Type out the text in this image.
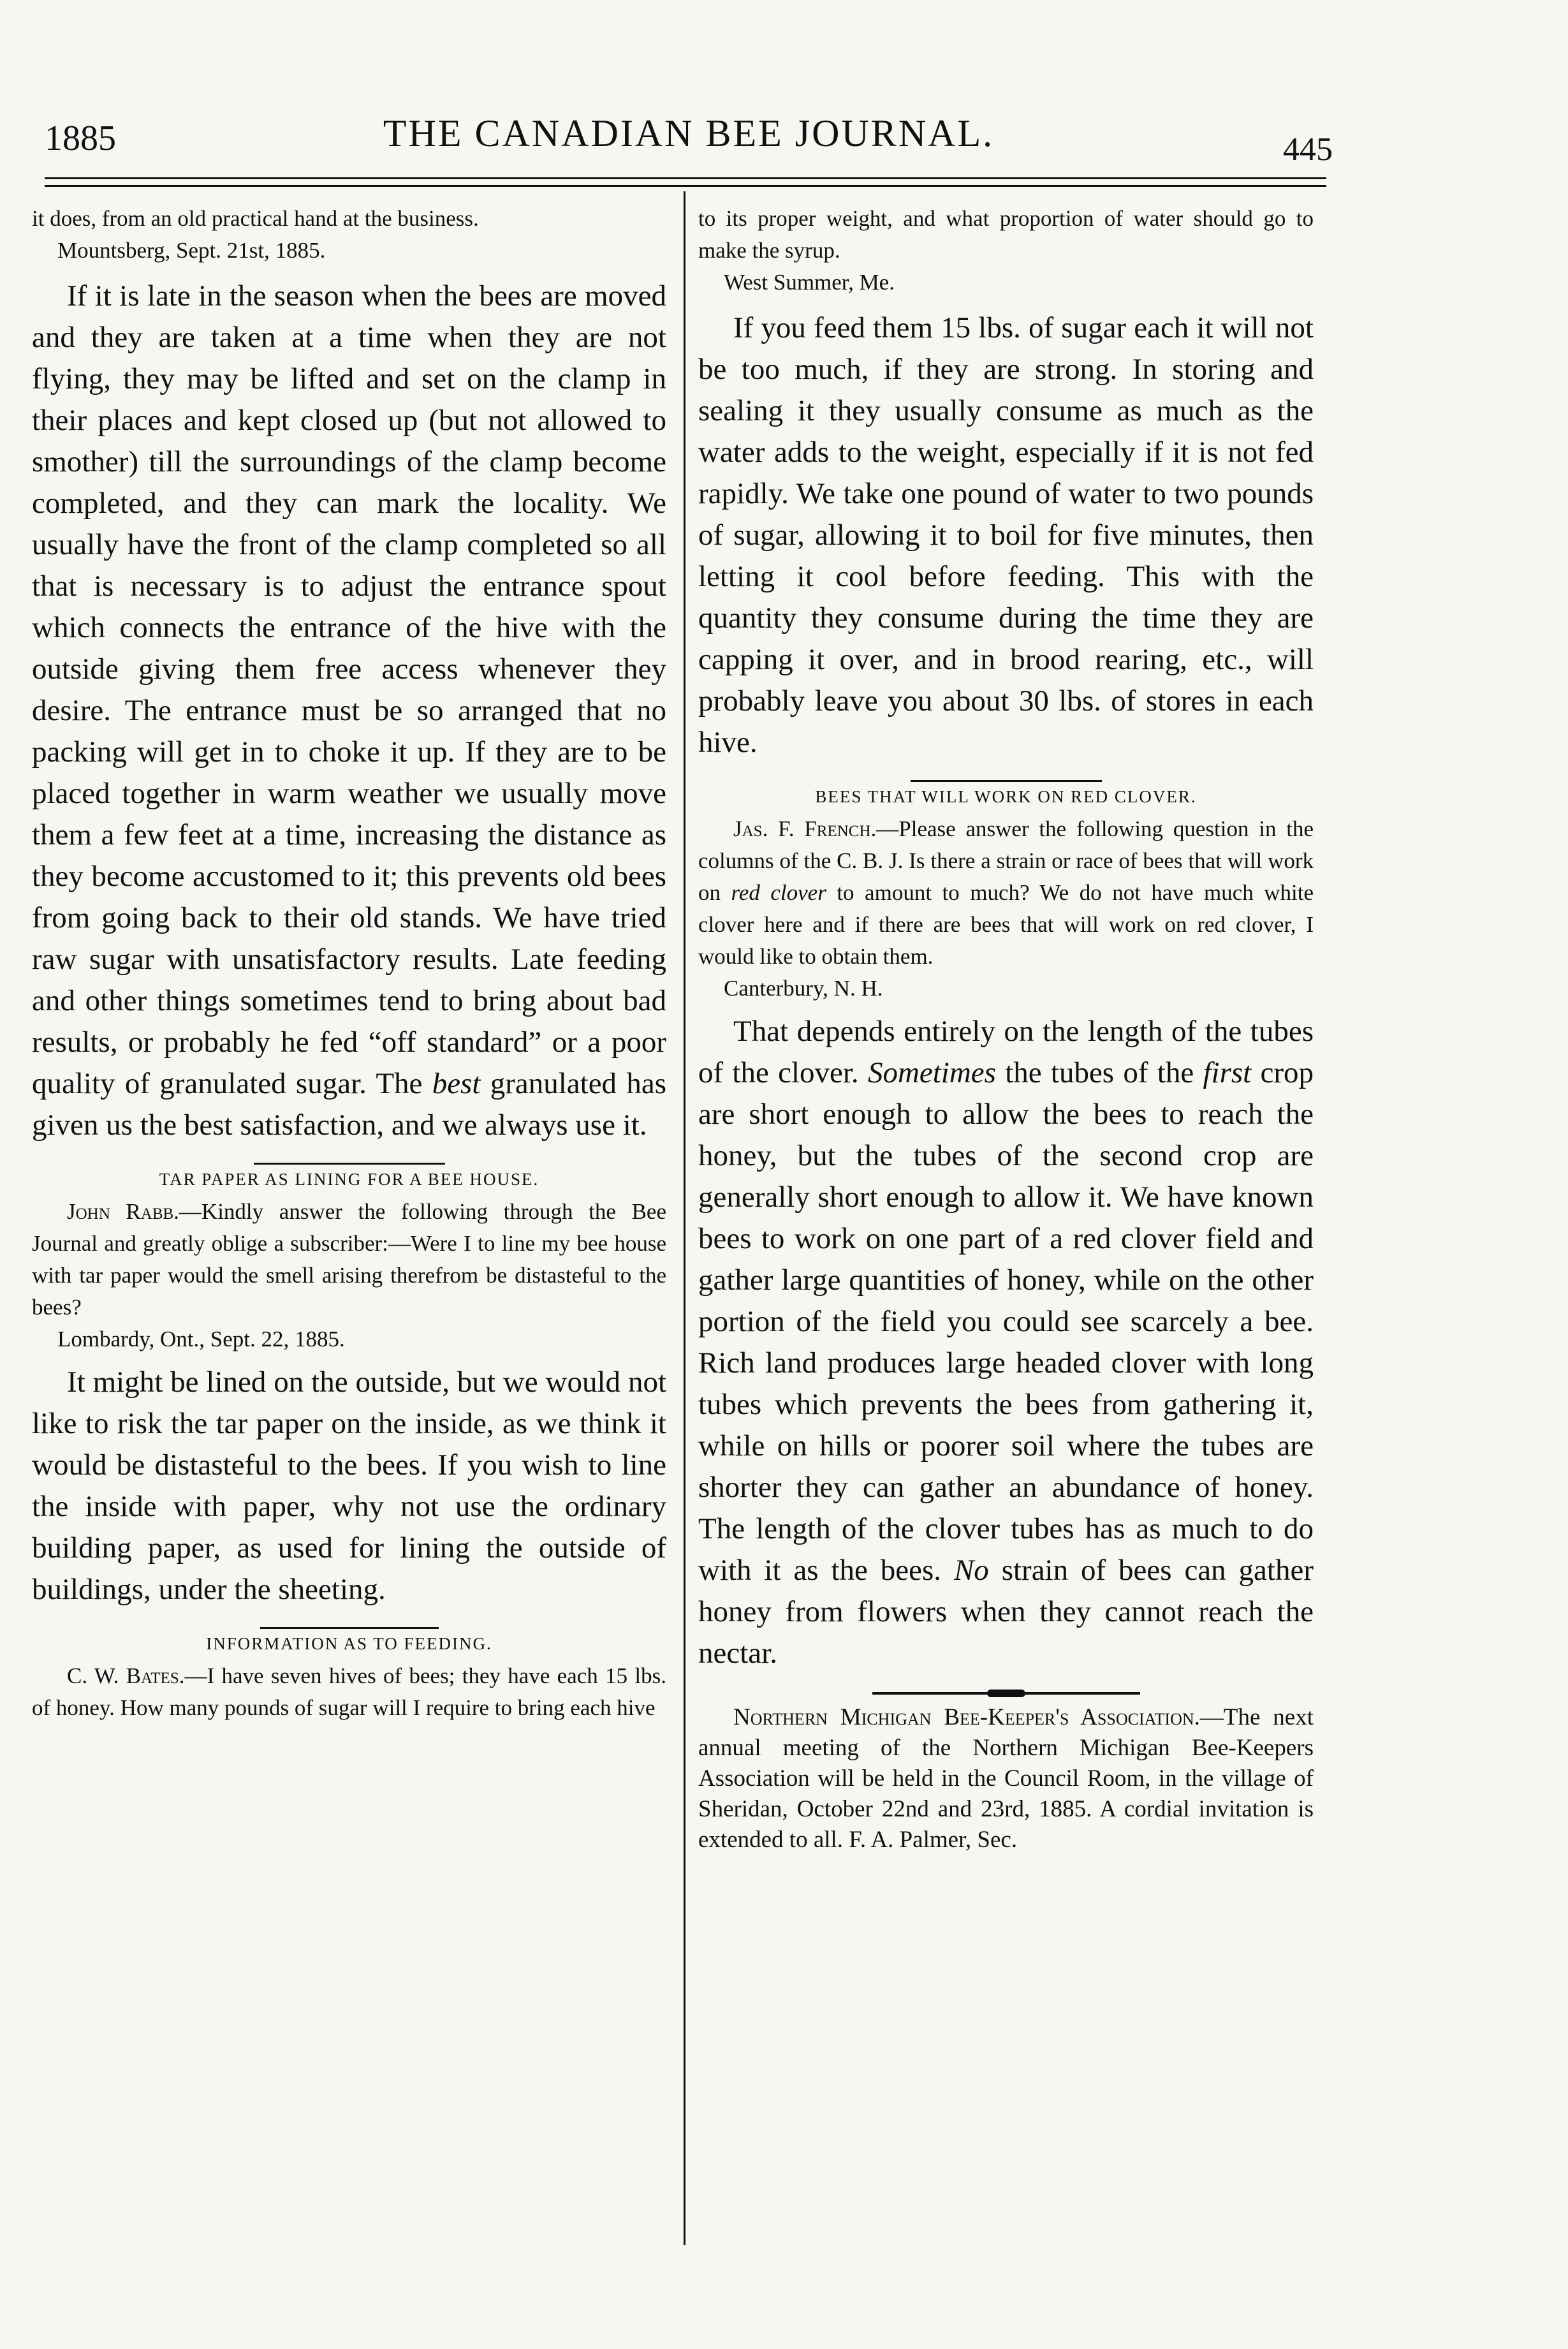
1885	THE CANADIAN BEE JOURNAL.	445

it does, from an old practical hand at the business.

Mountsberg, Sept. 21st, 1885.

If it is late in the season when the bees are moved and they are taken at a time when they are not flying, they may be lifted and set on the clamp in their places and kept closed up (but not allowed to smother) till the surroundings of the clamp become completed, and they can mark the locality. We usually have the front of the clamp completed so all that is necessary is to adjust the entrance spout which connects the entrance of the hive with the outside giving them free access whenever they desire. The entrance must be so arranged that no packing will get in to choke it up. If they are to be placed together in warm weather we usually move them a few feet at a time, increasing the distance as they become accustomed to it; this prevents old bees from going back to their old stands. We have tried raw sugar with unsatisfactory results. Late feeding and other things sometimes tend to bring about bad results, or probably he fed “off standard” or a poor quality of granulated sugar. The best granulated has given us the best satisfaction, and we always use it.

TAR PAPER AS LINING FOR A BEE HOUSE.

John Rabb.—Kindly answer the following through the Bee Journal and greatly oblige a subscriber:—Were I to line my bee house with tar paper would the smell arising therefrom be distasteful to the bees?

Lombardy, Ont., Sept. 22, 1885.

It might be lined on the outside, but we would not like to risk the tar paper on the inside, as we think it would be distasteful to the bees. If you wish to line the inside with paper, why not use the ordinary building paper, as used for lining the outside of buildings, under the sheeting.

INFORMATION AS TO FEEDING.

C. W. Bates.—I have seven hives of bees; they have each 15 lbs. of honey. How many pounds of sugar will I require to bring each hive

to its proper weight, and what proportion of water should go to make the syrup.

West Summer, Me.

If you feed them 15 lbs. of sugar each it will not be too much, if they are strong. In storing and sealing it they usually consume as much as the water adds to the weight, especially if it is not fed rapidly. We take one pound of water to two pounds of sugar, allowing it to boil for five minutes, then letting it cool before feeding. This with the quantity they consume during the time they are capping it over, and in brood rearing, etc., will probably leave you about 30 lbs. of stores in each hive.

BEES THAT WILL WORK ON RED CLOVER.

Jas. F. French.—Please answer the following question in the columns of the C. B. J. Is there a strain or race of bees that will work on red clover to amount to much? We do not have much white clover here and if there are bees that will work on red clover, I would like to obtain them.

Canterbury, N. H.

That depends entirely on the length of the tubes of the clover. Sometimes the tubes of the first crop are short enough to allow the bees to reach the honey, but the tubes of the second crop are generally short enough to allow it. We have known bees to work on one part of a red clover field and gather large quantities of honey, while on the other portion of the field you could see scarcely a bee. Rich land produces large headed clover with long tubes which prevents the bees from gathering it, while on hills or poorer soil where the tubes are shorter they can gather an abundance of honey. The length of the clover tubes has as much to do with it as the bees. No strain of bees can gather honey from flowers when they cannot reach the nectar.

Northern Michigan Bee-Keeper's Association.—The next annual meeting of the Northern Michigan Bee-Keepers Association will be held in the Council Room, in the village of Sheridan, October 22nd and 23rd, 1885. A cordial invitation is extended to all. F. A. Palmer, Sec.
